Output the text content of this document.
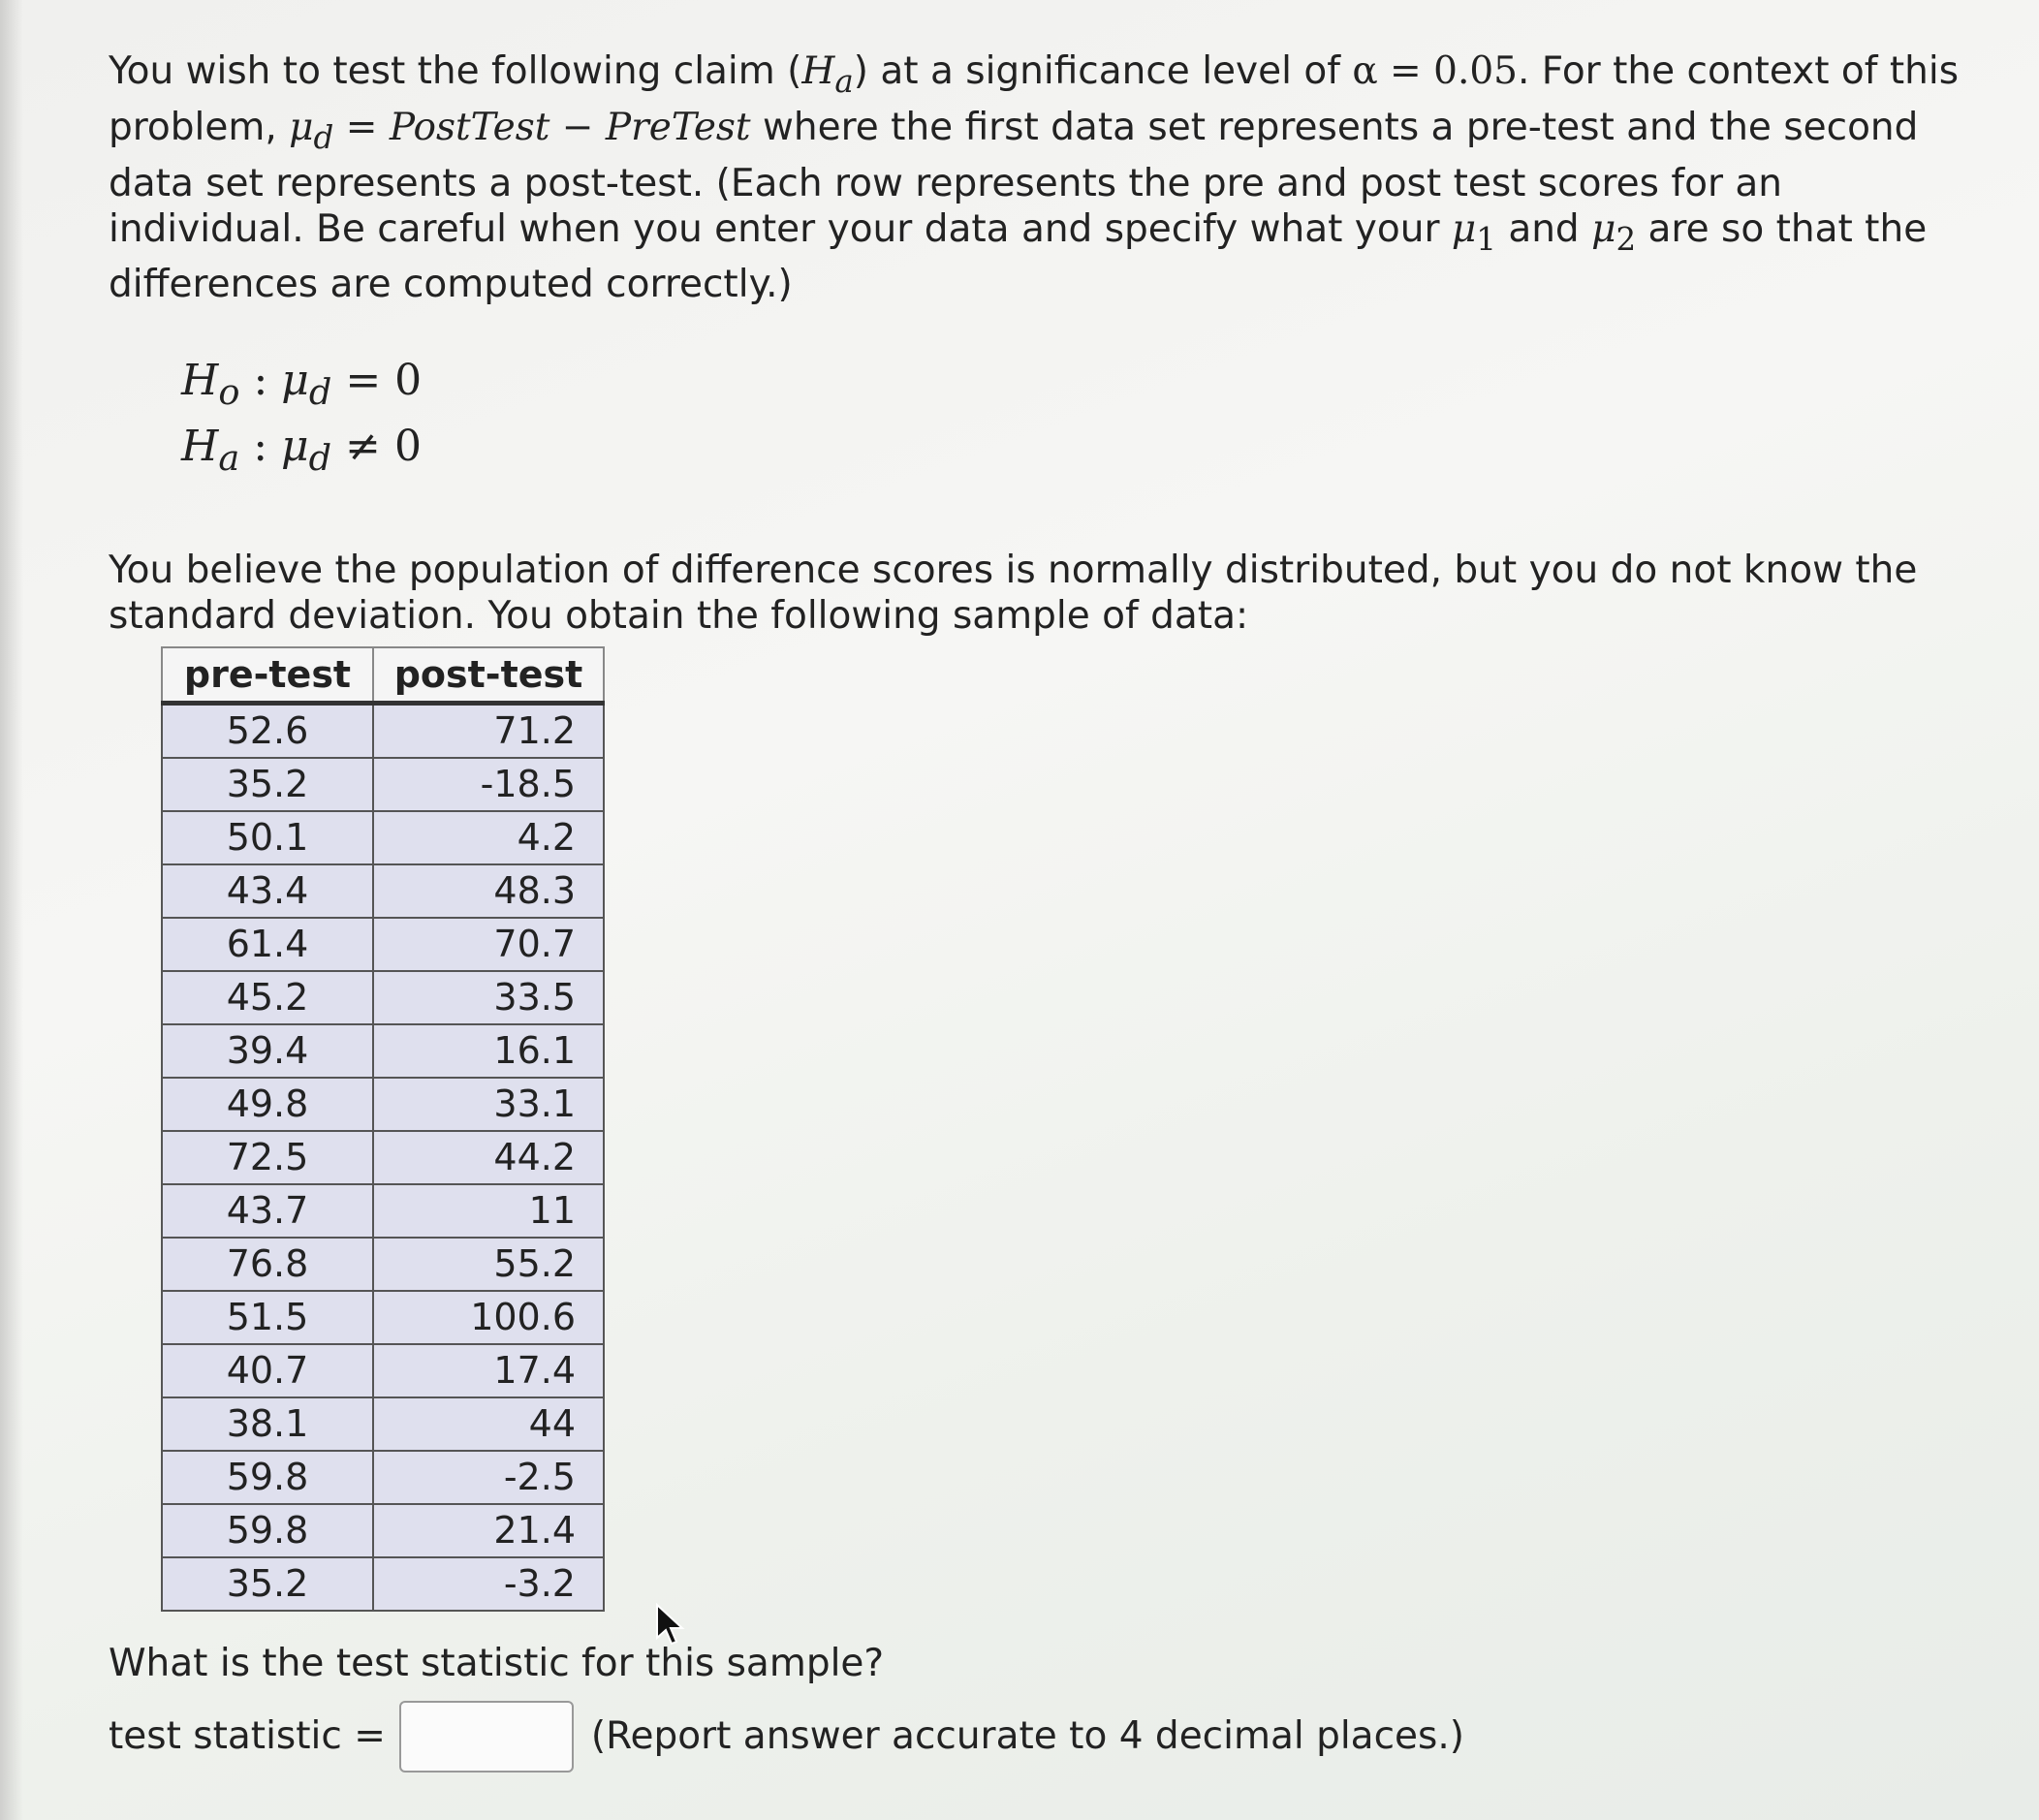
You wish to test the following claim $(H_a)$ at a significance level of α = 0.05. For the context of this problem, $\mu_d$ = PostTest − PreTest where the first data set represents a pre-test and the second data set represents a post-test. (Each row represents the pre and post test scores for an individual. Be careful when you enter your data and specify what your $\mu_1$ and $\mu_2$ are so that the differences are computed correctly.)

$H_o$ : $\mu_d = 0$
$H_a$ : $\mu_d \ne 0$

You believe the population of difference scores is normally distributed, but you do not know the standard deviation. You obtain the following sample of data:

pre-test	post-test
52.6	71.2
35.2	-18.5
50.1	4.2
43.4	48.3
61.4	70.7
45.2	33.5
39.4	16.1
49.8	33.1
72.5	44.2
43.7	11
76.8	55.2
51.5	100.6
40.7	17.4
38.1	44
59.8	-2.5
59.8	21.4
35.2	-3.2
What is the test statistic for this sample?
test statistic =	(Report answer accurate to 4 decimal places.)
